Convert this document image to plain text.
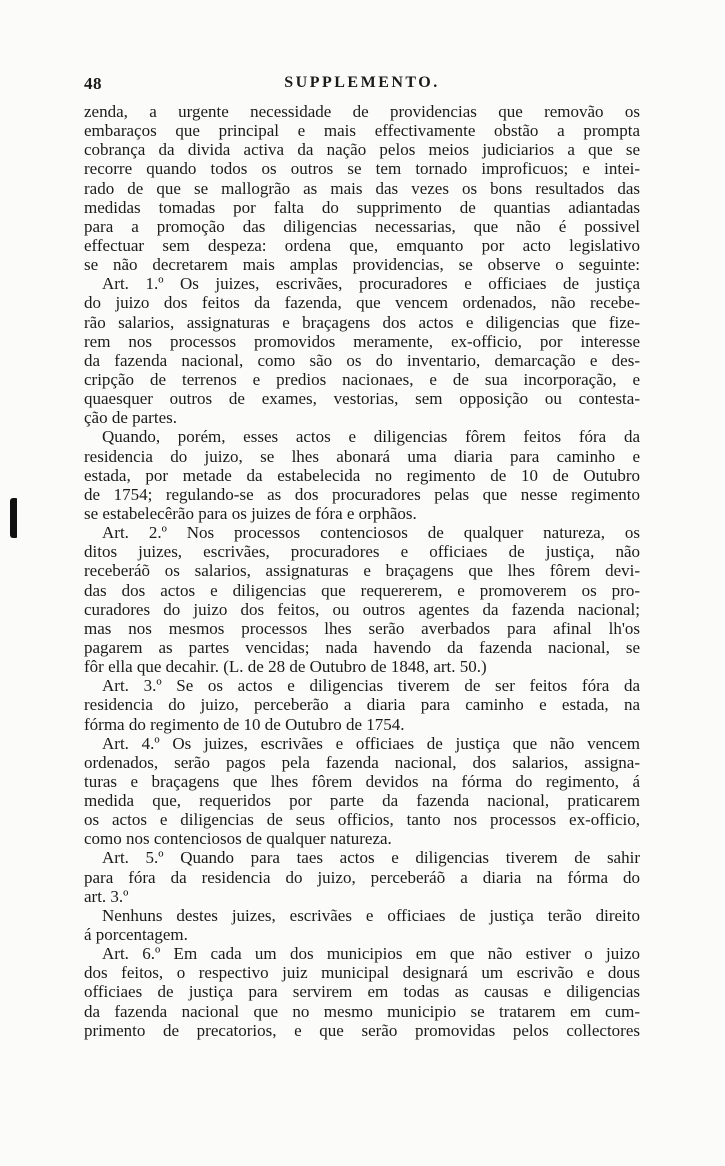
48	SUPPLEMENTO.
zenda, a urgente necessidade de providencias que removão os
embaraços que principal e mais effectivamente obstão a prompta
cobrança da divida activa da nação pelos meios judiciarios a que se
recorre quando todos os outros se tem tornado improficuos; e intei-
rado de que se mallogrão as mais das vezes os bons resultados das
medidas tomadas por falta do supprimento de quantias adiantadas
para a promoção das diligencias necessarias, que não é possivel
effectuar sem despeza: ordena que, emquanto por acto legislativo
se não decretarem mais amplas providencias, se observe o seguinte:
Art. 1.º Os juizes, escrivães, procuradores e officiaes de justiça
do juizo dos feitos da fazenda, que vencem ordenados, não recebe-
rão salarios, assignaturas e braçagens dos actos e diligencias que fize-
rem nos processos promovidos meramente, ex-officio, por interesse
da fazenda nacional, como são os do inventario, demarcação e des-
cripção de terrenos e predios nacionaes, e de sua incorporação, e
quaesquer outros de exames, vestorias, sem opposição ou contesta-
ção de partes.
Quando, porém, esses actos e diligencias fôrem feitos fóra da
residencia do juizo, se lhes abonará uma diaria para caminho e
estada, por metade da estabelecida no regimento de 10 de Outubro
de 1754; regulando-se as dos procuradores pelas que nesse regimento
se estabelecêrão para os juizes de fóra e orphãos.
Art. 2.º Nos processos contenciosos de qualquer natureza, os
ditos juizes, escrivães, procuradores e officiaes de justiça, não
receberáõ os salarios, assignaturas e braçagens que lhes fôrem devi-
das dos actos e diligencias que requererem, e promoverem os pro-
curadores do juizo dos feitos, ou outros agentes da fazenda nacional;
mas nos mesmos processos lhes serão averbados para afinal lh'os
pagarem as partes vencidas; nada havendo da fazenda nacional, se
fôr ella que decahir. (L. de 28 de Outubro de 1848, art. 50.)
Art. 3.º Se os actos e diligencias tiverem de ser feitos fóra da
residencia do juizo, perceberão a diaria para caminho e estada, na
fórma do regimento de 10 de Outubro de 1754.
Art. 4.º Os juizes, escrivães e officiaes de justiça que não vencem
ordenados, serão pagos pela fazenda nacional, dos salarios, assigna-
turas e braçagens que lhes fôrem devidos na fórma do regimento, á
medida que, requeridos por parte da fazenda nacional, praticarem
os actos e diligencias de seus officios, tanto nos processos ex-officio,
como nos contenciosos de qualquer natureza.
Art. 5.º Quando para taes actos e diligencias tiverem de sahir
para fóra da residencia do juizo, perceberáõ a diaria na fórma do
art. 3.º
Nenhuns destes juizes, escrivães e officiaes de justiça terão direito
á porcentagem.
Art. 6.º Em cada um dos municipios em que não estiver o juizo
dos feitos, o respectivo juiz municipal designará um escrivão e dous
officiaes de justiça para servirem em todas as causas e diligencias
da fazenda nacional que no mesmo municipio se tratarem em cum-
primento de precatorios, e que serão promovidas pelos collectores
